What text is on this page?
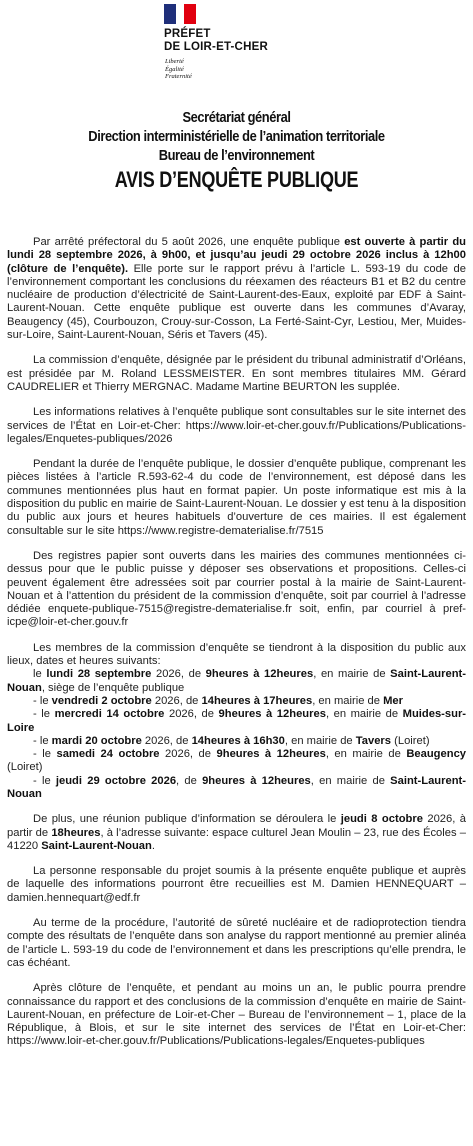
PRÉFET
DE LOIR-ET-CHER
Liberté
Égalité
Fraternité
Secrétariat général
Direction interministérielle de l’animation territoriale
Bureau de l’environnement
AVIS D’ENQUÊTE PUBLIQUE

Par arrêté préfectoral du 5 août 2026, une enquête publique est ouverte à partir du lundi 28 septembre 2026, à 9h00, et jusqu’au jeudi 29 octobre 2026 inclus à 12h00 (clôture de l’enquête). Elle porte sur le rapport prévu à l’article L. 593-19 du code de l’environnement comportant les conclusions du réexamen des réacteurs B1 et B2 du centre nucléaire de production d’électricité de Saint-Laurent-des-Eaux, exploité par EDF à Saint-Laurent-Nouan. Cette enquête publique est ouverte dans les communes d’Avaray, Beaugency (45), Courbouzon, Crouy-sur-Cosson, La Ferté-Saint-Cyr, Lestiou, Mer, Muides-sur-Loire, Saint-Laurent-Nouan, Séris et Tavers (45).

La commission d’enquête, désignée par le président du tribunal administratif d’Orléans, est présidée par M. Roland LESSMEISTER. En sont membres titulaires MM. Gérard CAUDRELIER et Thierry MERGNAC. Madame Martine BEURTON les supplée.

Les informations relatives à l’enquête publique sont consultables sur le site internet des services de l’État en Loir-et-Cher: https://www.loir-et-cher.gouv.fr/Publications/Publications-legales/Enquetes-publiques/2026

Pendant la durée de l’enquête publique, le dossier d’enquête publique, comprenant les pièces listées à l’article R.593-62-4 du code de l’environnement, est déposé dans les communes mentionnées plus haut en format papier. Un poste informatique est mis à la disposition du public en mairie de Saint-Laurent-Nouan. Le dossier y est tenu à la disposition du public aux jours et heures habituels d’ouverture de ces mairies. Il est également consultable sur le site https://www.registre-dematerialise.fr/7515

Des registres papier sont ouverts dans les mairies des communes mentionnées ci-dessus pour que le public puisse y déposer ses observations et propositions. Celles-ci peuvent également être adressées soit par courrier postal à la mairie de Saint-Laurent-Nouan et à l’attention du président de la commission d’enquête, soit par courriel à l’adresse dédiée enquete-publique-7515@registre-dematerialise.fr soit, enfin, par courriel à pref-icpe@loir-et-cher.gouv.fr

Les membres de la commission d’enquête se tiendront à la disposition du public aux lieux, dates et heures suivants:

le lundi 28 septembre 2026, de 9heures à 12heures, en mairie de Saint-Laurent-Nouan, siège de l’enquête publique

- le vendredi 2 octobre 2026, de 14heures à 17heures, en mairie de Mer

- le mercredi 14 octobre 2026, de 9heures à 12heures, en mairie de Muides-sur-Loire

- le mardi 20 octobre 2026, de 14heures à 16h30, en mairie de Tavers (Loiret)

- le samedi 24 octobre 2026, de 9heures à 12heures, en mairie de Beaugency (Loiret)

- le jeudi 29 octobre 2026, de 9heures à 12heures, en mairie de Saint-Laurent-Nouan

De plus, une réunion publique d’information se déroulera le jeudi 8 octobre 2026, à partir de 18heures, à l’adresse suivante: espace culturel Jean Moulin – 23, rue des Écoles – 41220 Saint-Laurent-Nouan.

La personne responsable du projet soumis à la présente enquête publique et auprès de laquelle des informations pourront être recueillies est M. Damien HENNEQUART – damien.hennequart@edf.fr

Au terme de la procédure, l’autorité de sûreté nucléaire et de radioprotection tiendra compte des résultats de l’enquête dans son analyse du rapport mentionné au premier alinéa de l’article L. 593-19 du code de l’environnement et dans les prescriptions qu’elle prendra, le cas échéant.

Après clôture de l’enquête, et pendant au moins un an, le public pourra prendre connaissance du rapport et des conclusions de la commission d’enquête en mairie de Saint-Laurent-Nouan, en préfecture de Loir-et-Cher – Bureau de l’environnement – 1, place de la République, à Blois, et sur le site internet des services de l’État en Loir-et-Cher: https://www.loir-et-cher.gouv.fr/Publications/Publications-legales/Enquetes-publiques
